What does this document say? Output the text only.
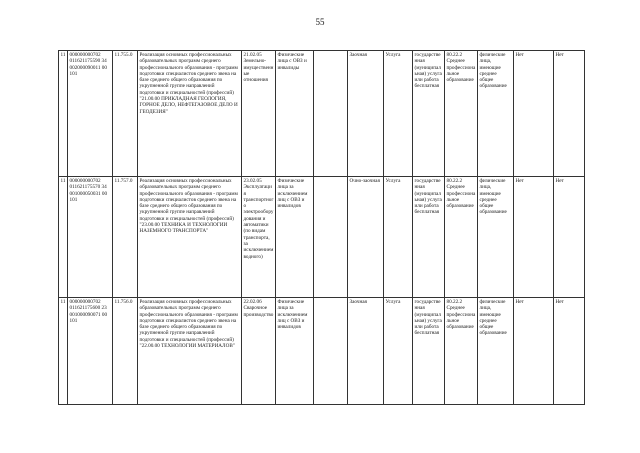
55
11	000000000702 011621175590 34 002000090011 00 101	11.755.0	Реализация основных профессиональных образовательных программ среднего профессионального образования - программ подготовки специалистов среднего звена на базе среднего общего образования по укрупненной группе направлений подготовки и специальностей (профессий) "21.00.00 ПРИКЛАДНАЯ ГЕОЛОГИЯ, ГОРНОЕ ДЕЛО, НЕФТЕГАЗОВОЕ ДЕЛО И ГЕОДЕЗИЯ"	21.02.05 Земельно-имущественные отношения	Физические лица с ОВЗ и инвалиды		Заочная	Услуга	государственная (муниципальная) услуга или работа бесплатная	80.22.2 Среднее профессиональное образование	физические лица, имеющие среднее общее образование	Нет	Нет
11	000000000702 011621175570 34 001000050031 00 101	11.757.0	Реализация основных профессиональных образовательных программ среднего профессионального образования - программ подготовки специалистов среднего звена на базе среднего общего образования по укрупненной группе направлений подготовки и специальностей (профессий) "23.00.00 ТЕХНИКА И ТЕХНОЛОГИИ НАЗЕМНОГО ТРАНСПОРТА"	23.02.05 Эксплуатация транспортного электрооборудования и автоматики (по видам транспорта, за исключением водного)	Физические лица за исключением лиц с ОВЗ и инвалидов		Очно-заочная	Услуга	государственная (муниципальная) услуга или работа бесплатная	80.22.2 Среднее профессиональное образование	физические лица, имеющие среднее общее образование	Нет	Нет
11	000000000702 011621175600 23 001000090071 00 101	11.756.0	Реализация основных профессиональных образовательных программ среднего профессионального образования - программ подготовки специалистов среднего звена на базе среднего общего образования по укрупненной группе направлений подготовки и специальностей (профессий) "22.00.00 ТЕХНОЛОГИИ МАТЕРИАЛОВ"	22.02.06 Сварочное производство	Физические лица за исключением лиц с ОВЗ и инвалидов		Заочная	Услуга	государственная (муниципальная) услуга или работа бесплатная	80.22.2 Среднее профессиональное образование	физические лица, имеющие среднее общее образование	Нет	Нет
